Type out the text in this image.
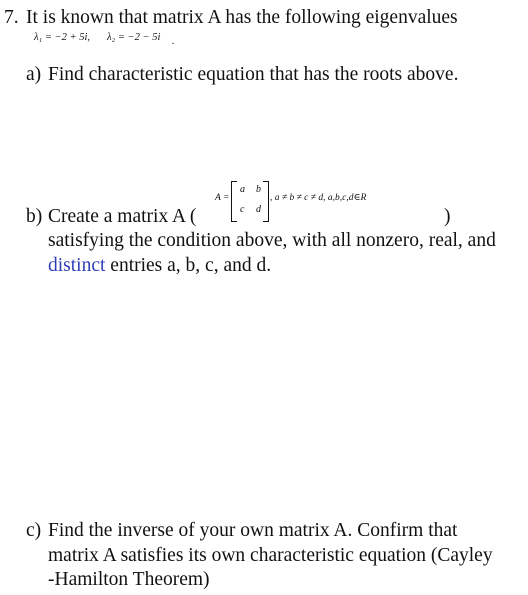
7. It is known that matrix A has the following eigenvalues
λ₁ = −2 + 5i, λ₂ = −2 − 5i .
a) Find characteristic equation that has the roots above.
b) Create a matrix A (
A =
a b
c d
, a ≠ b ≠ c ≠ d, a,b,c,d∈R
)
satisfying the condition above, with all nonzero, real, and
distinct entries a, b, c, and d.
c) Find the inverse of your own matrix A. Confirm that
matrix A satisfies its own characteristic equation (Cayley
-Hamilton Theorem)
